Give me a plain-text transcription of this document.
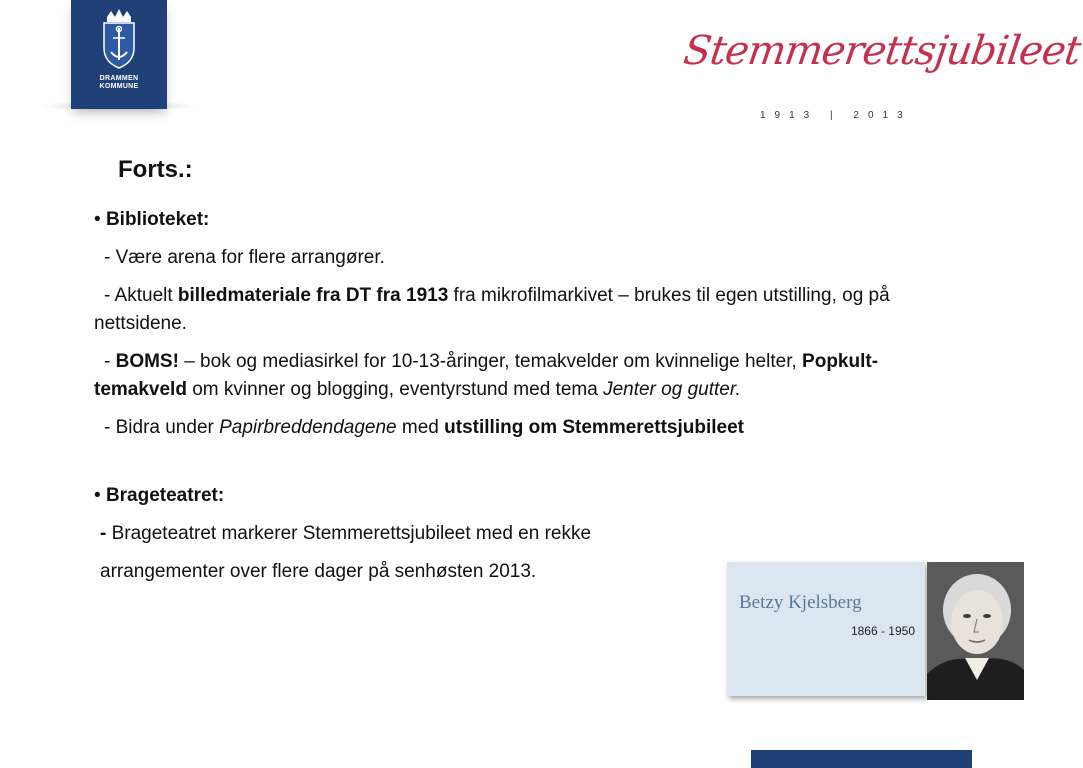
DRAMMEN
KOMMUNE
Stemmerettsjubileet
1913 | 2013
Forts.:

• Biblioteket:

- Være arena for flere arrangører.

- Aktuelt billedmateriale fra DT fra 1913 fra mikrofilmarkivet – brukes til egen utstilling, og på nettsidene.

- BOMS! – bok og mediasirkel for 10-13-åringer, temakvelder om kvinnelige helter, Popkult-temakveld om kvinner og blogging, eventyrstund med tema Jenter og gutter.

- Bidra under Papirbreddendagene med utstilling om Stemmerettsjubileet

• Brageteatret:

- Brageteatret markerer Stemmerettsjubileet med en rekke

arrangementer over flere dager på senhøsten 2013.

Betzy Kjelsberg
1866 - 1950
